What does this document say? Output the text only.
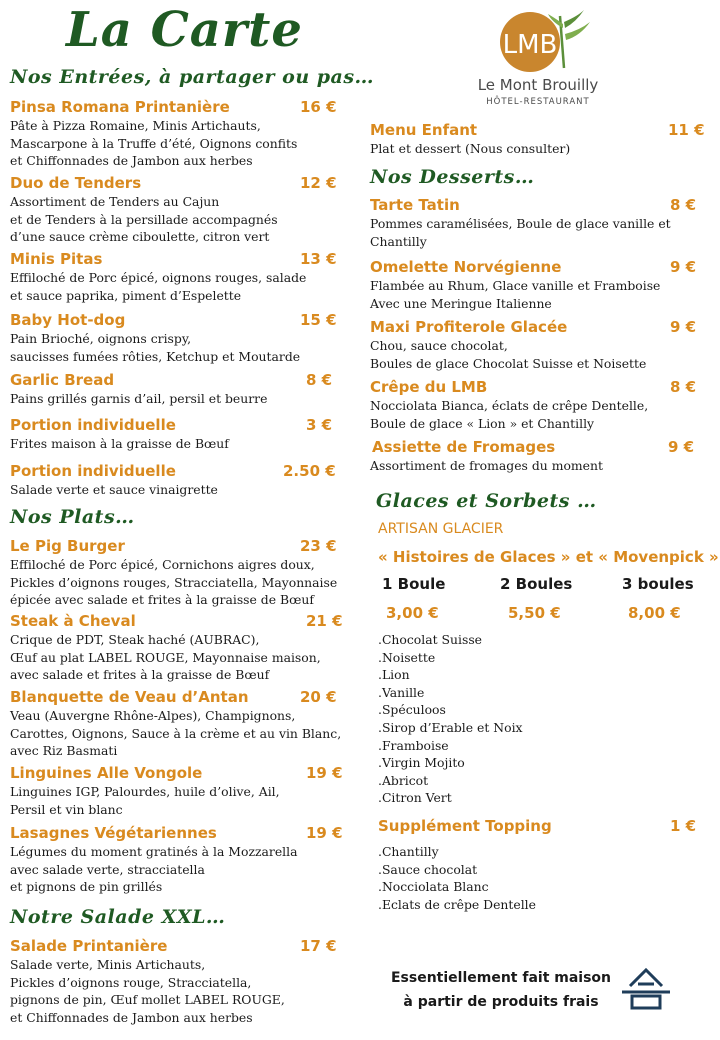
La Carte	LMB
Le Mont Brouilly
HÔTEL-RESTAURANT
Nos Entrées, à partager ou pas…
Pinsa Romana Printanière	16 €
Pâte à Pizza Romaine, Minis Artichauts,
Mascarpone à la Truffe d’été, Oignons confits
et Chiffonnades de Jambon aux herbes
Duo de Tenders	12 €
Assortiment de Tenders au Cajun
et de Tenders à la persillade accompagnés
d’une sauce crème ciboulette, citron vert
Minis Pitas	13 €
Effiloché de Porc épicé, oignons rouges, salade
et sauce paprika, piment d’Espelette
Baby Hot-dog	15 €
Pain Brioché, oignons crispy,
saucisses fumées rôties, Ketchup et Moutarde
Garlic Bread	8 €
Pains grillés garnis d’ail, persil et beurre
Portion individuelle	3 €
Frites maison à la graisse de Bœuf
Portion individuelle	2.50 €
Salade verte et sauce vinaigrette
Nos Plats…
Le Pig Burger	23 €
Effiloché de Porc épicé, Cornichons aigres doux,
Pickles d’oignons rouges, Stracciatella, Mayonnaise
épicée avec salade et frites à la graisse de Bœuf
Steak à Cheval	21 €
Crique de PDT, Steak haché (AUBRAC),
Œuf au plat LABEL ROUGE, Mayonnaise maison,
avec salade et frites à la graisse de Bœuf
Blanquette de Veau d’Antan	20 €
Veau (Auvergne Rhône-Alpes), Champignons,
Carottes, Oignons, Sauce à la crème et au vin Blanc,
avec Riz Basmati
Linguines Alle Vongole	19 €
Linguines IGP, Palourdes, huile d’olive, Ail,
Persil et vin blanc
Lasagnes Végétariennes	19 €
Légumes du moment gratinés à la Mozzarella
avec salade verte, stracciatella
et pignons de pin grillés
Notre Salade XXL…
Salade Printanière	17 €
Salade verte, Minis Artichauts,
Pickles d’oignons rouge, Stracciatella,
pignons de pin, Œuf mollet LABEL ROUGE,
et Chiffonnades de Jambon aux herbes
Menu Enfant	11 €
Plat et dessert (Nous consulter)
Nos Desserts…
Tarte Tatin	8 €
Pommes caramélisées, Boule de glace vanille et
Chantilly
Omelette Norvégienne	9 €
Flambée au Rhum, Glace vanille et Framboise
Avec une Meringue Italienne
Maxi Profiterole Glacée	9 €
Chou, sauce chocolat,
Boules de glace Chocolat Suisse et Noisette
Crêpe du LMB	8 €
Nocciolata Bianca, éclats de crêpe Dentelle,
Boule de glace « Lion » et Chantilly
Assiette de Fromages	9 €
Assortiment de fromages du moment
Glaces et Sorbets …
ARTISAN GLACIER
« Histoires de Glaces » et « Movenpick »
1 Boule	2 Boules	3 boules
3,00 €	5,50 €	8,00 €
.Chocolat Suisse
.Noisette
.Lion
.Vanille
.Spéculoos
.Sirop d’Erable et Noix
.Framboise
.Virgin Mojito
.Abricot
.Citron Vert
Supplément Topping	1 €
.Chantilly
.Sauce chocolat
.Nocciolata Blanc
.Eclats de crêpe Dentelle
Essentiellement fait maison
à partir de produits frais
